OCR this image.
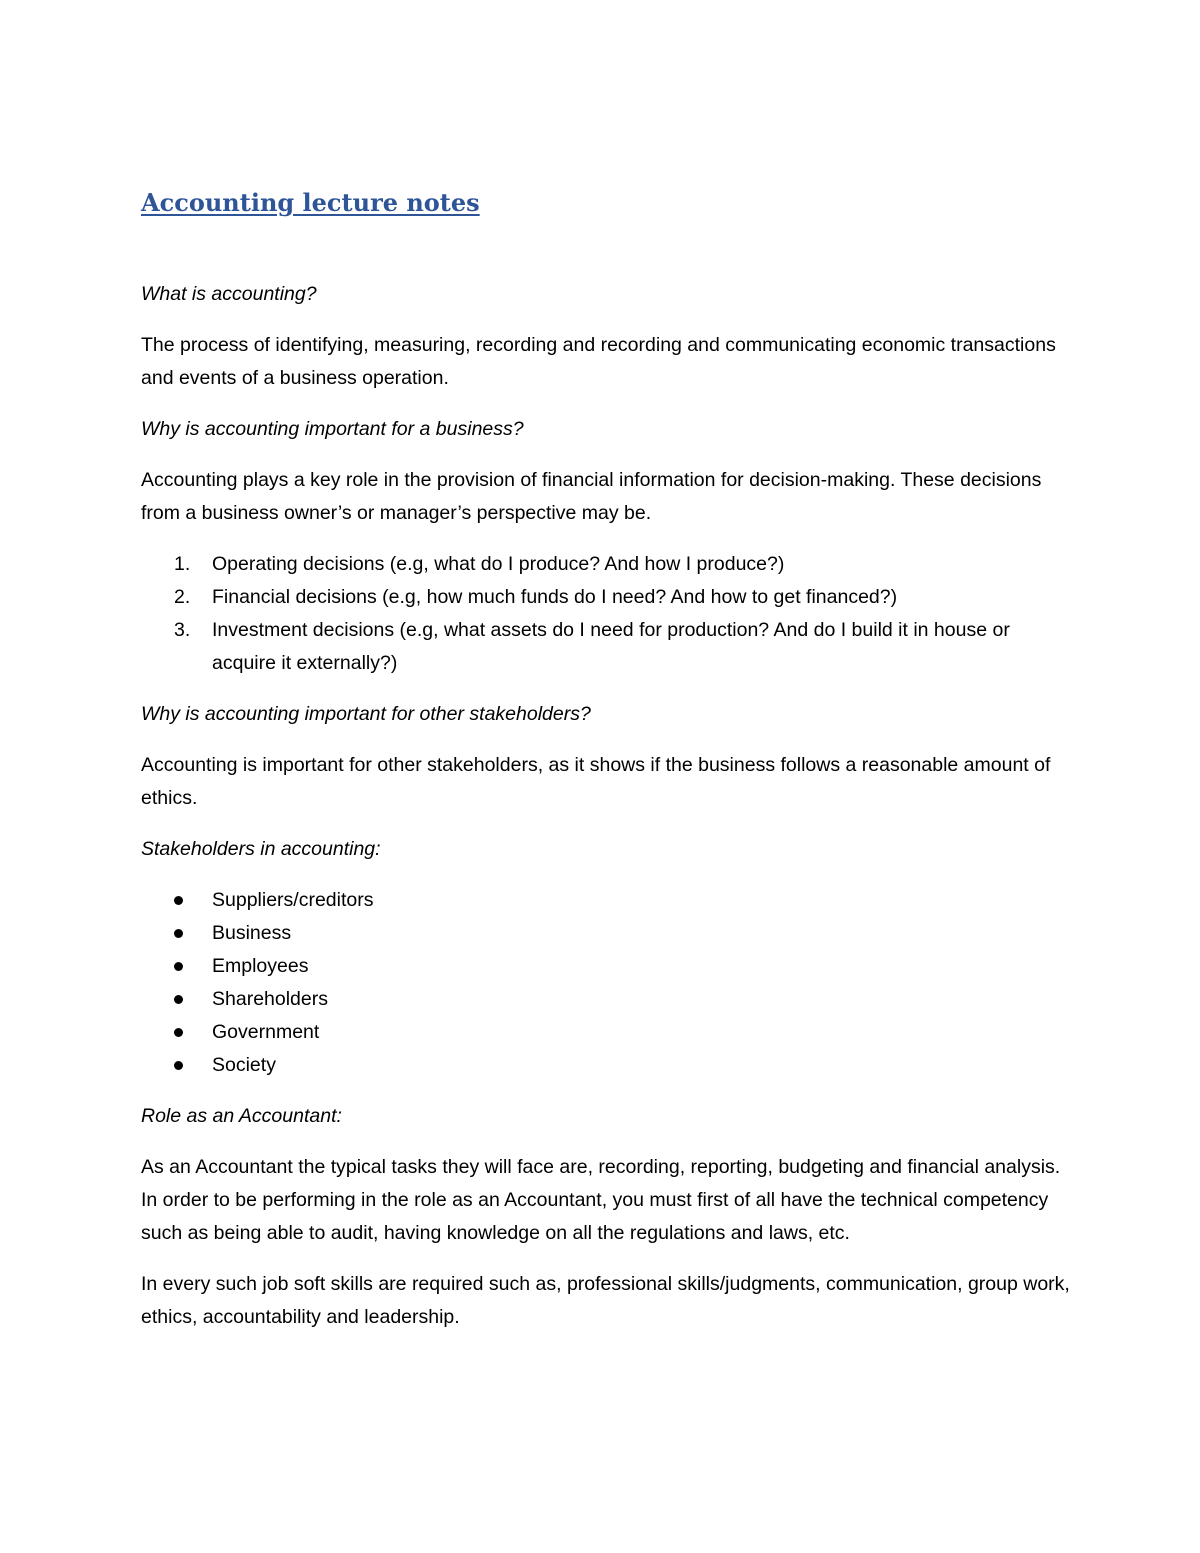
Accounting lecture notes

What is accounting?

The process of identifying, measuring, recording and recording and communicating economic transactions and events of a business operation.

Why is accounting important for a business?

Accounting plays a key role in the provision of financial information for decision-making. These decisions from a business owner’s or manager’s perspective may be.

1. Operating decisions (e.g, what do I produce? And how I produce?)
2. Financial decisions (e.g, how much funds do I need? And how to get financed?)
3. Investment decisions (e.g, what assets do I need for production? And do I build it in house or acquire it externally?)

Why is accounting important for other stakeholders?

Accounting is important for other stakeholders, as it shows if the business follows a reasonable amount of ethics.

Stakeholders in accounting:

Suppliers/creditors
Business
Employees
Shareholders
Government
Society

Role as an Accountant:

As an Accountant the typical tasks they will face are, recording, reporting, budgeting and financial analysis. In order to be performing in the role as an Accountant, you must first of all have the technical competency such as being able to audit, having knowledge on all the regulations and laws, etc.

In every such job soft skills are required such as, professional skills/judgments, communication, group work, ethics, accountability and leadership.
